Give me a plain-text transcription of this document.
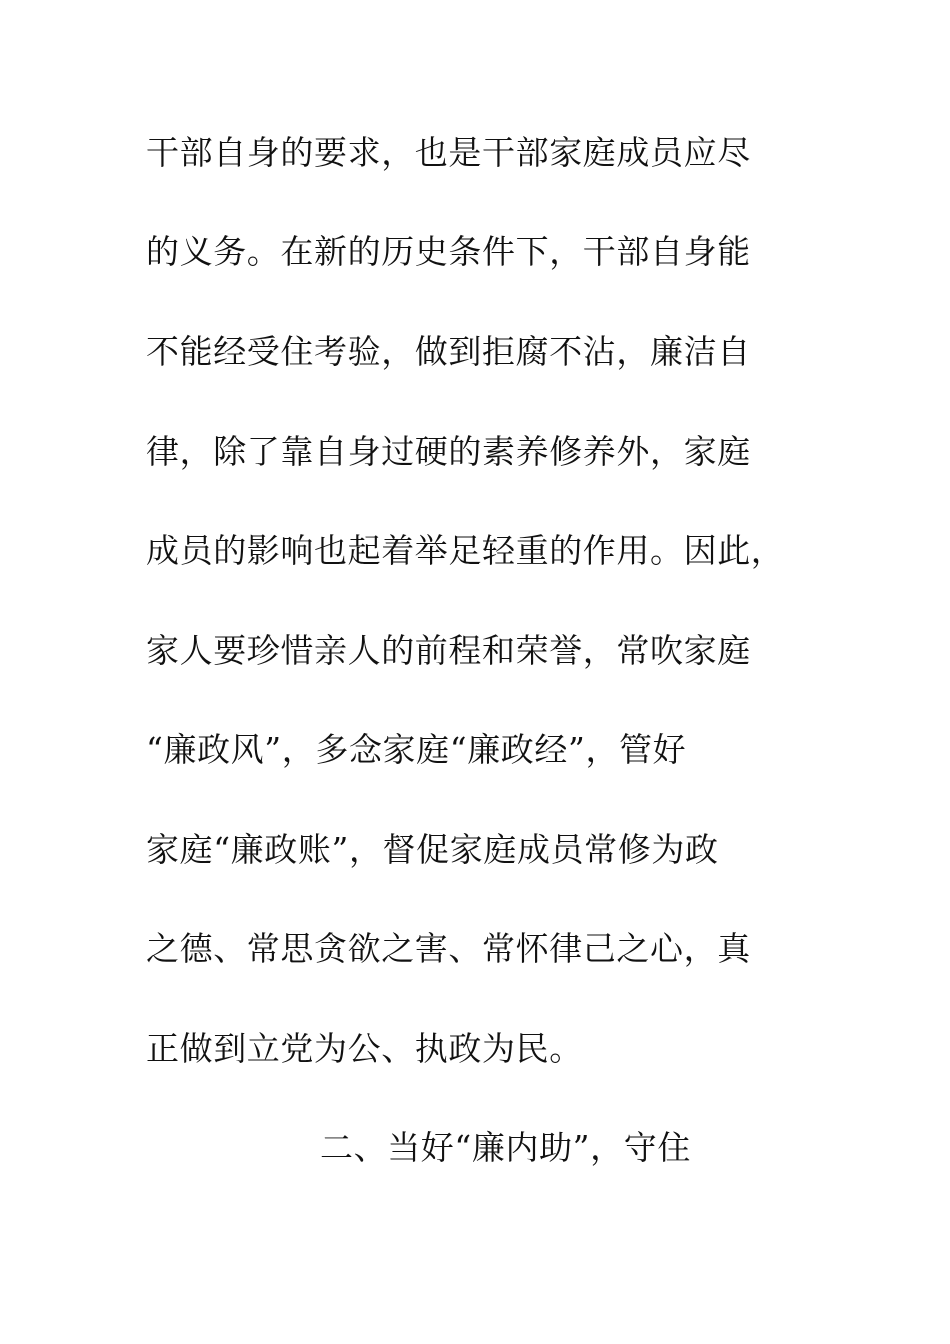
干部自身的要求，也是干部家庭成员应尽
的义务。在新的历史条件下，干部自身能
不能经受住考验，做到拒腐不沾，廉洁自
律，除了靠自身过硬的素养修养外，家庭
成员的影响也起着举足轻重的作用。因此，
家人要珍惜亲人的前程和荣誉，常吹家庭
“廉政风”，多念家庭“廉政经”，管好
家庭“廉政账”，督促家庭成员常修为政
之德、常思贪欲之害、常怀律己之心，真
正做到立党为公、执政为民。
二、当好“廉内助”，守住
